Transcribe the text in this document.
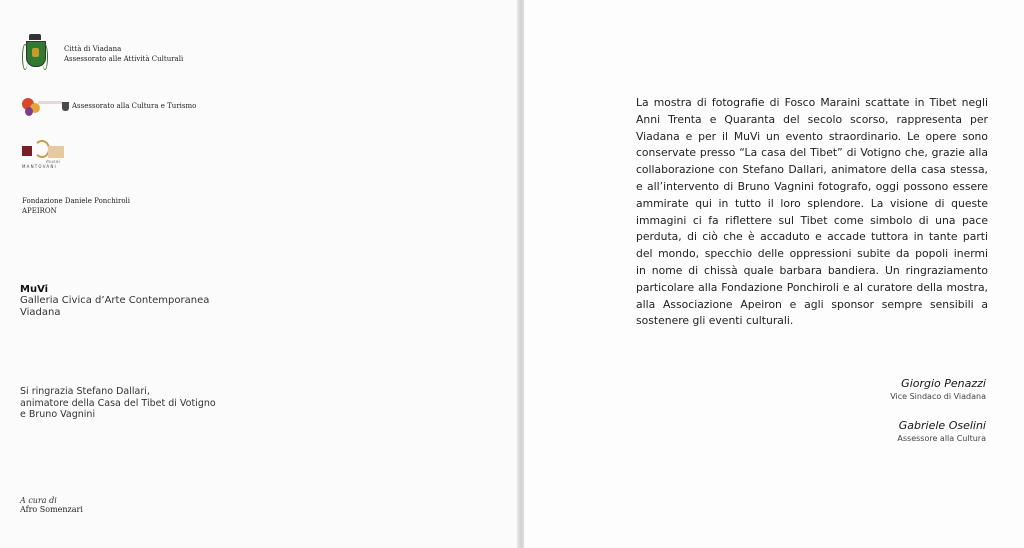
Città di Viadana
Assessorato alle Attività Culturali
Assessorato alla Cultura e Turismo
musei
MANTOVANI
Fondazione Daniele Ponchiroli
APEIRON
MuVi
Galleria Civica d’Arte Contemporanea
Viadana
Si ringrazia Stefano Dallari,
animatore della Casa del Tibet di Votigno
e Bruno Vagnini
A cura di
Afro Somenzari
La mostra di fotografie di Fosco Maraini scattate in Tibet negli
Anni Trenta e Quaranta del secolo scorso, rappresenta per
Viadana e per il MuVi un evento straordinario. Le opere sono
conservate presso “La casa del Tibet” di Votigno che, grazie alla
collaborazione con Stefano Dallari, animatore della casa stessa,
e all’intervento di Bruno Vagnini fotografo, oggi possono essere
ammirate qui in tutto il loro splendore. La visione di queste
immagini ci fa riflettere sul Tibet come simbolo di una pace
perduta, di ciò che è accaduto e accade tuttora in tante parti
del mondo, specchio delle oppressioni subite da popoli inermi
in nome di chissà quale barbara bandiera. Un ringraziamento
particolare alla Fondazione Ponchiroli e al curatore della mostra,
alla Associazione Apeiron e agli sponsor sempre sensibili a
sostenere gli eventi culturali.
Giorgio Penazzi
Vice Sindaco di Viadana
Gabriele Oselini
Assessore alla Cultura
